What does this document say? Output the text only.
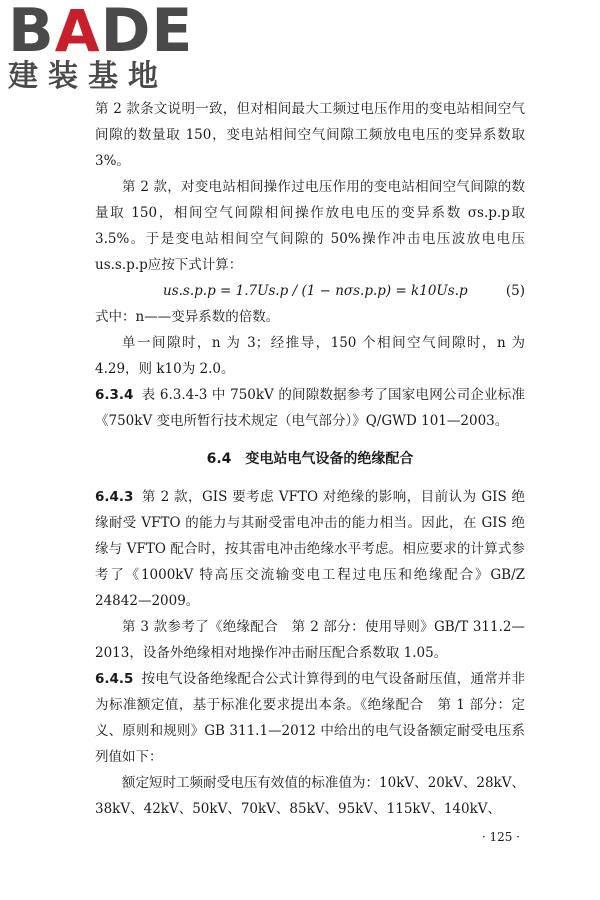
B A DE
建装基地

第 2 款条文说明一致，但对相间最大工频过电压作用的变电站相间空气间隙的数量取 150，变电站相间空气间隙工频放电电压的变异系数取 3%。

第 2 款，对变电站相间操作过电压作用的变电站相间空气间隙的数量取 150，相间空气间隙相间操作放电电压的变异系数 σs.p.p取 3.5%。于是变电站相间空气间隙的 50%操作冲击电压波放电电压 us.s.p.p应按下式计算：

us.s.p.p = 1.7Us.p / (1 − nσs.p.p) = k10Us.p	(5)

式中：n——变异系数的倍数。

单一间隙时，n 为 3；经推导，150 个相间空气间隙时，n 为 4.29，则 k10为 2.0。

6.3.4 表 6.3.4-3 中 750kV 的间隙数据参考了国家电网公司企业标准《750kV 变电所暂行技术规定（电气部分）》Q/GWD 101—2003。

6.4　变电站电气设备的绝缘配合

6.4.3 第 2 款，GIS 要考虑 VFTO 对绝缘的影响，目前认为 GIS 绝缘耐受 VFTO 的能力与其耐受雷电冲击的能力相当。因此，在 GIS 绝缘与 VFTO 配合时，按其雷电冲击绝缘水平考虑。相应要求的计算式参考了《1000kV 特高压交流输变电工程过电压和绝缘配合》GB/Z 24842—2009。

第 3 款参考了《绝缘配合　第 2 部分：使用导则》GB/T 311.2—2013，设备外绝缘相对地操作冲击耐压配合系数取 1.05。

6.4.5 按电气设备绝缘配合公式计算得到的电气设备耐压值，通常并非为标准额定值，基于标准化要求提出本条。《绝缘配合　第 1 部分：定义、原则和规则》GB 311.1—2012 中给出的电气设备额定耐受电压系列值如下：

额定短时工频耐受电压有效值的标准值为：10kV、20kV、28kV、38kV、42kV、50kV、70kV、85kV、95kV、115kV、140kV、

· 125 ·
